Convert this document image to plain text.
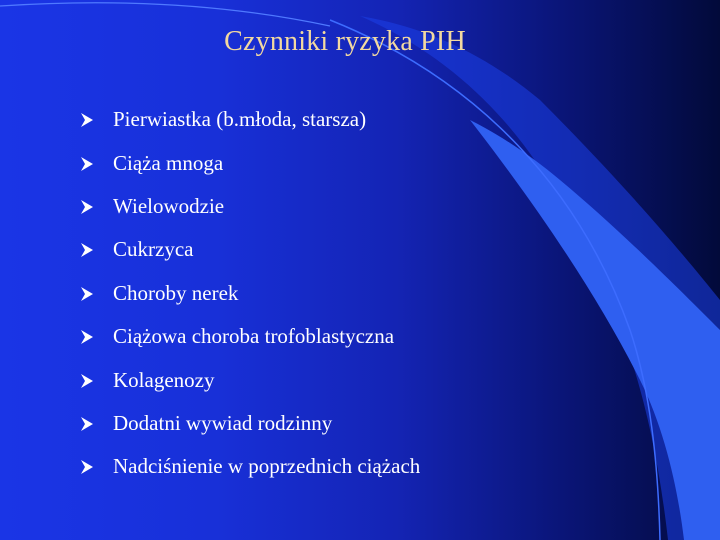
Czynniki ryzyka PIH
Pierwiastka (b.młoda, starsza)
Ciąża mnoga
Wielowodzie
Cukrzyca
Choroby nerek
Ciążowa choroba trofoblastyczna
Kolagenozy
Dodatni wywiad rodzinny
Nadciśnienie w poprzednich ciążach
